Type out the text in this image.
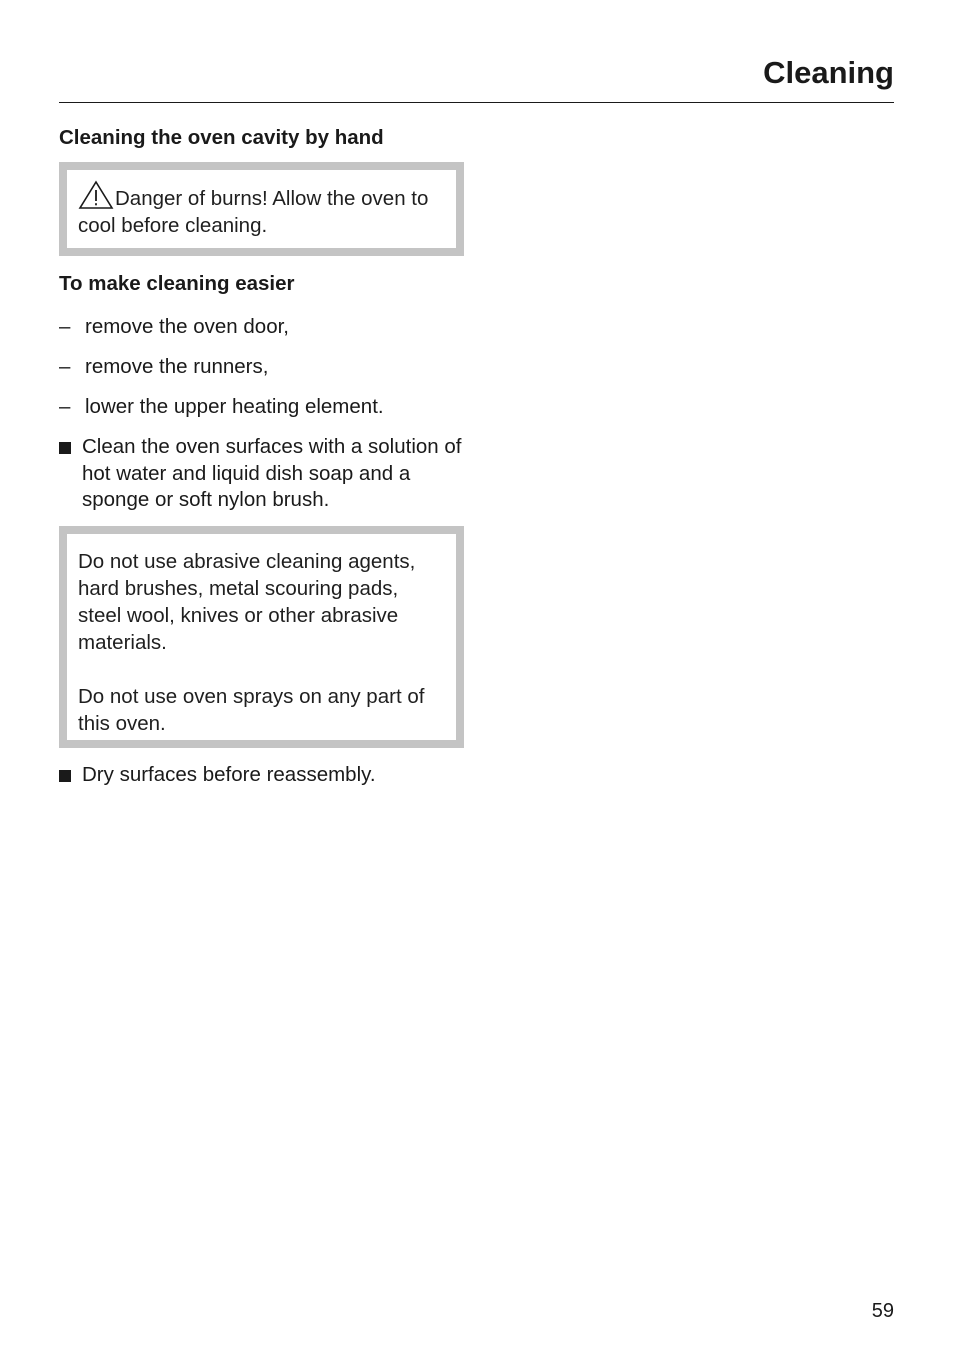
Cleaning
Cleaning the oven cavity by hand
Danger of burns! Allow the oven to cool before cleaning.
To make cleaning easier
– remove the oven door,
– remove the runners,
– lower the upper heating element.

Clean the oven surfaces with a solution of hot water and liquid dish soap and a sponge or soft nylon brush.

Do not use abrasive cleaning agents, hard brushes, metal scouring pads, steel wool, knives or other abrasive materials.

Do not use oven sprays on any part of this oven.

Dry surfaces before reassembly.

59
